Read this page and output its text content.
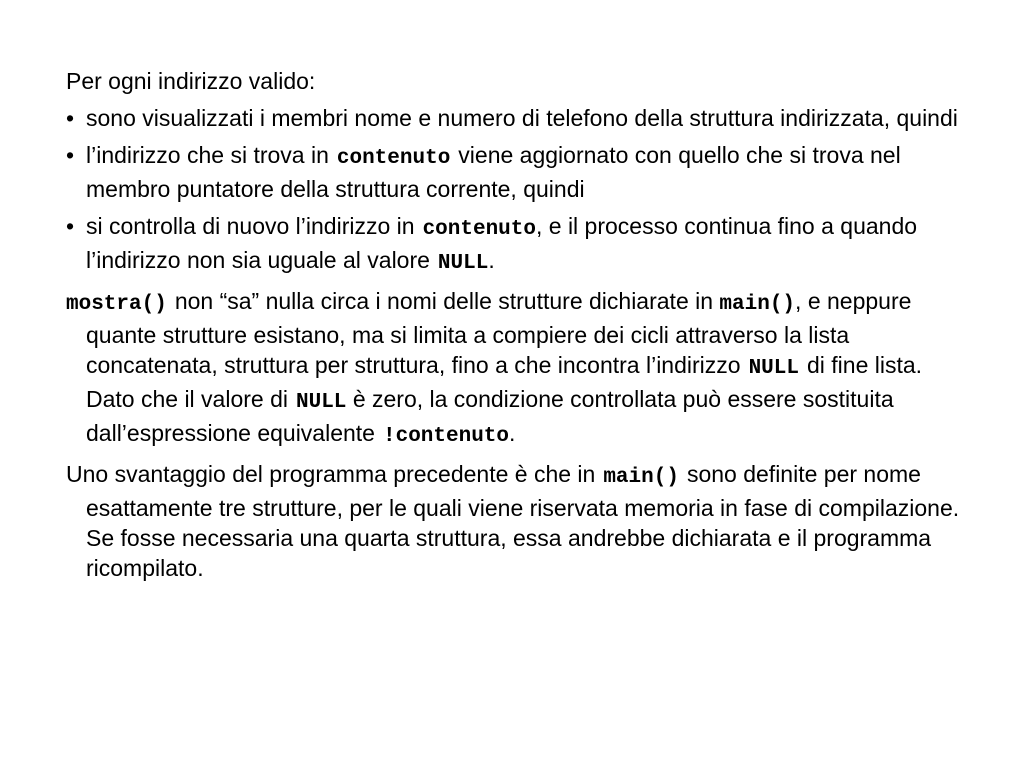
Per ogni indirizzo valido:

• sono visualizzati i membri nome e numero di telefono della struttura indirizzata, quindi
• l’indirizzo che si trova in contenuto viene aggiornato con quello che si trova nel membro puntatore della struttura corrente, quindi
• si controlla di nuovo l’indirizzo in contenuto, e il processo continua fino a quando l’indirizzo non sia uguale al valore NULL.

mostra() non “sa” nulla circa i nomi delle strutture dichiarate in main(), e neppure quante strutture esistano, ma si limita a compiere dei cicli attraverso la lista concatenata, struttura per struttura, fino a che incontra l’indirizzo NULL di fine lista. Dato che il valore di NULL è zero, la condizione controllata può essere sostituita dall’espressione equivalente !contenuto.

Uno svantaggio del programma precedente è che in main() sono definite per nome esattamente tre strutture, per le quali viene riservata memoria in fase di compilazione. Se fosse necessaria una quarta struttura, essa andrebbe dichiarata e il programma ricompilato.
